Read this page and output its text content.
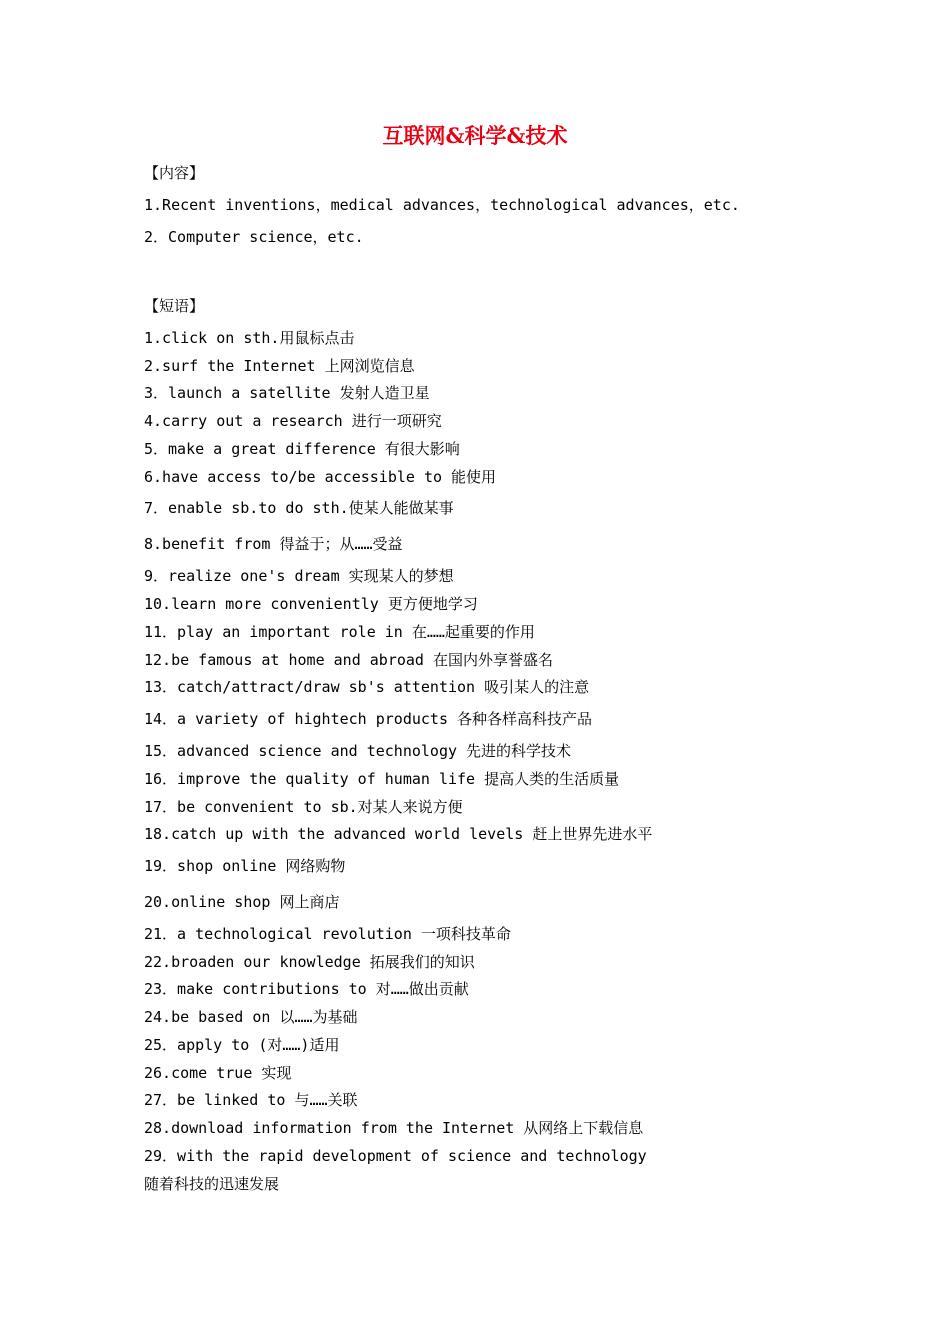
互联网&科学&技术
【内容】
1.Recent inventions，medical advances，technological advances，etc.
2．Computer science，etc.
【短语】
1.click on sth.用鼠标点击
2.surf the Internet 上网浏览信息
3．launch a satellite 发射人造卫星
4.carry out a research 进行一项研究
5．make a great difference 有很大影响
6.have access to/be accessible to 能使用
7．enable sb.to do sth.使某人能做某事
8.benefit from 得益于；从……受益
9．realize one's dream 实现某人的梦想
10.learn more conveniently 更方便地学习
11．play an important role in 在……起重要的作用
12.be famous at home and abroad 在国内外享誉盛名
13．catch/attract/draw sb's attention 吸引某人的注意
14．a variety of hightech products 各种各样高科技产品
15．advanced science and technology 先进的科学技术
16．improve the quality of human life 提高人类的生活质量
17．be convenient to sb.对某人来说方便
18.catch up with the advanced world levels 赶上世界先进水平
19．shop online 网络购物
20.online shop 网上商店
21．a technological revolution 一项科技革命
22.broaden our knowledge 拓展我们的知识
23．make contributions to 对……做出贡献
24.be based on 以……为基础
25．apply to (对……)适用
26.come true 实现
27．be linked to 与……关联
28.download information from the Internet 从网络上下载信息
29．with the rapid development of science and technology
随着科技的迅速发展
